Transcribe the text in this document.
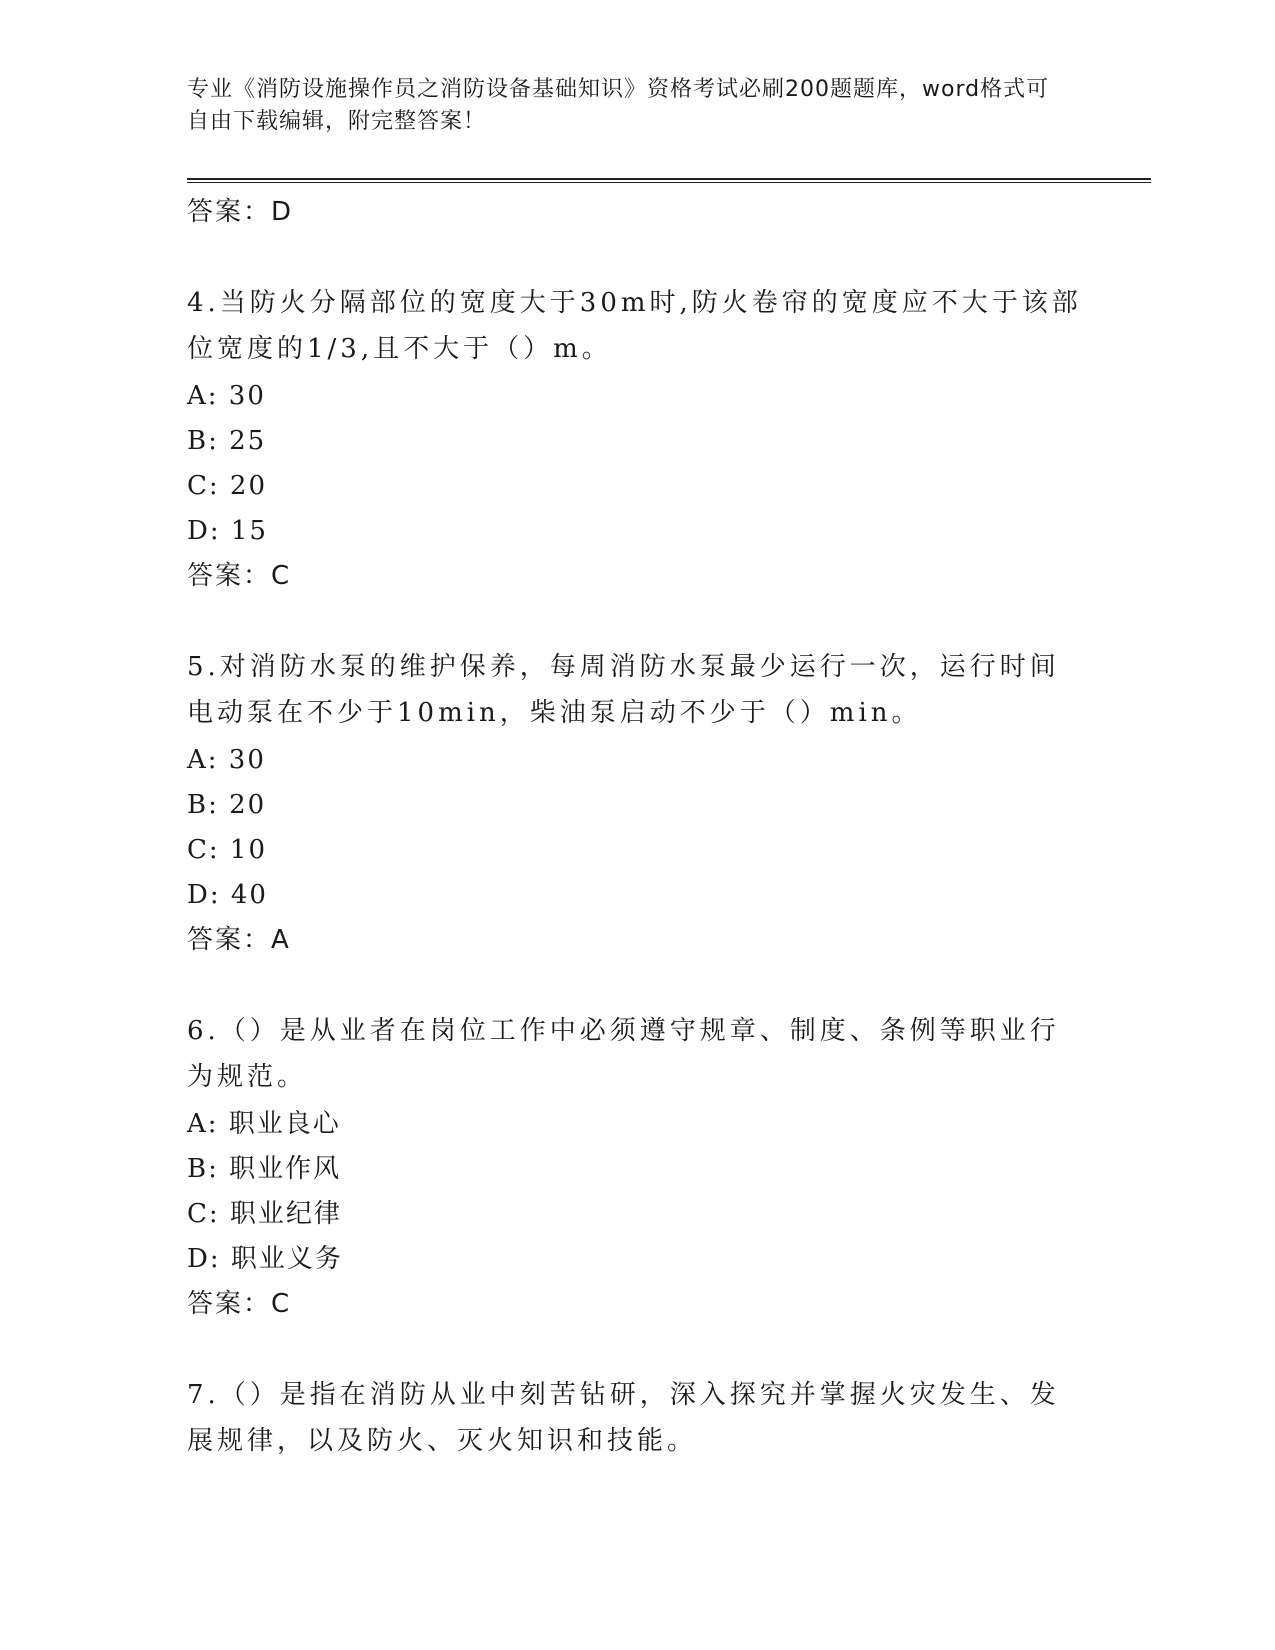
专业《消防设施操作员之消防设备基础知识》资格考试必刷200题题库，word格式可自由下载编辑，附完整答案！
答案：D
4.当防火分隔部位的宽度大于30m时,防火卷帘的宽度应不大于该部位宽度的1/3,且不大于（）m。
A: 30
B: 25
C: 20
D: 15
答案：C
5.对消防水泵的维护保养，每周消防水泵最少运行一次，运行时间电动泵在不少于10min，柴油泵启动不少于（）min。
A: 30
B: 20
C: 10
D: 40
答案：A
6.（）是从业者在岗位工作中必须遵守规章、制度、条例等职业行为规范。
A: 职业良心
B: 职业作风
C: 职业纪律
D: 职业义务
答案：C
7.（）是指在消防从业中刻苦钻研，深入探究并掌握火灾发生、发展规律，以及防火、灭火知识和技能。
